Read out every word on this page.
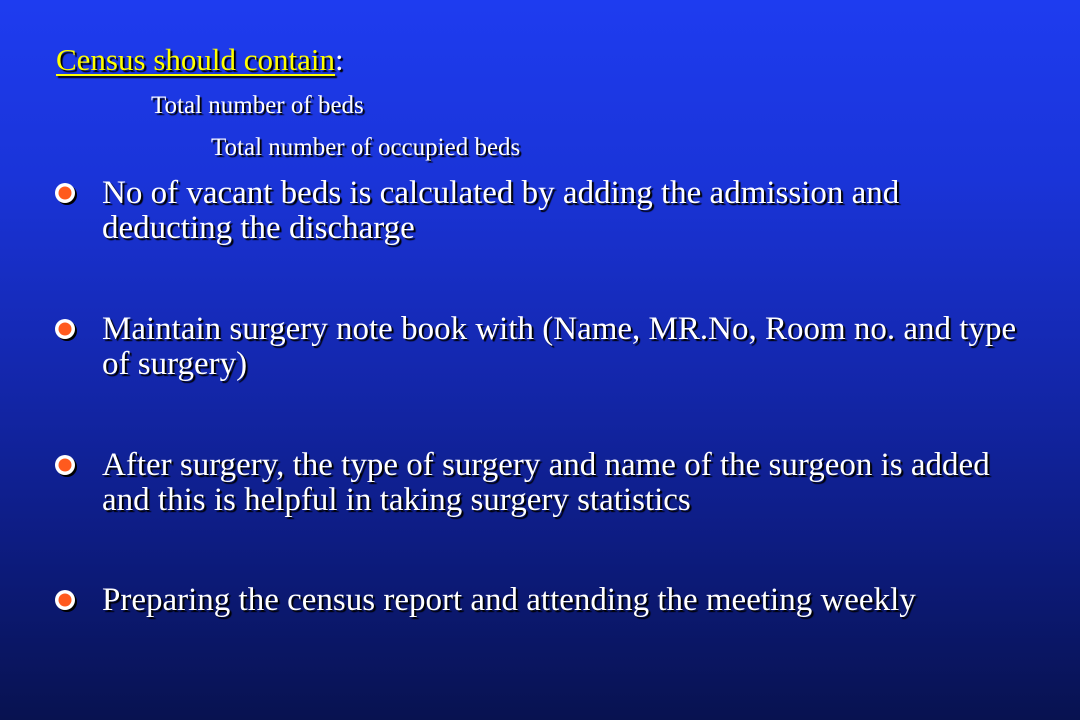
Census should contain:
Total number of beds
Total number of occupied beds
No of vacant beds is calculated by adding the admission and deducting the discharge
Maintain surgery note book with (Name, MR.No, Room no. and type of surgery)
After surgery, the type of surgery and name of the surgeon is added and this is helpful in taking surgery statistics
Preparing the census report and attending the meeting weekly
